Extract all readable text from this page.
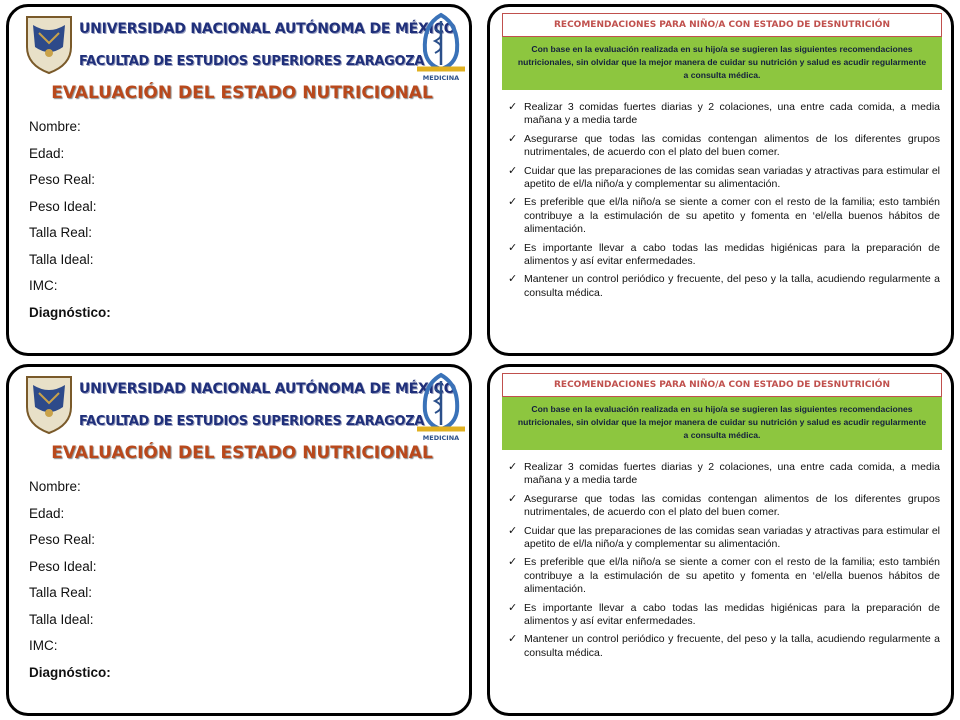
UNIVERSIDAD NACIONAL AUTÓNOMA DE MÉXICO
FACULTAD DE ESTUDIOS SUPERIORES ZARAGOZA
MEDICINA
EVALUACIÓN DEL ESTADO NUTRICIONAL
Nombre:
Edad:
Peso Real:
Peso Ideal:
Talla Real:
Talla Ideal:
IMC:
Diagnóstico:
RECOMENDACIONES PARA NIÑO/A CON ESTADO DE DESNUTRICIÓN
Con base en la evaluación realizada en su hijo/a se sugieren las siguientes recomendaciones nutricionales, sin olvidar que la mejor manera de cuidar su nutrición y salud es acudir regularmente a consulta médica.
✓ Realizar 3 comidas fuertes diarias y 2 colaciones, una entre cada comida, a media mañana y a media tarde
✓ Asegurarse que todas las comidas contengan alimentos de los diferentes grupos nutrimentales, de acuerdo con el plato del buen comer.
✓ Cuidar que las preparaciones de las comidas sean variadas y atractivas para estimular el apetito de el/la niño/a y complementar su alimentación.
✓ Es preferible que el/la niño/a se siente a comer con el resto de la familia; esto también contribuye a la estimulación de su apetito y fomenta en ‘el/ella buenos hábitos de alimentación.
✓ Es importante llevar a cabo todas las medidas higiénicas para la preparación de alimentos y así evitar enfermedades.
✓ Mantener un control periódico y frecuente, del peso y la talla, acudiendo regularmente a consulta médica.
UNIVERSIDAD NACIONAL AUTÓNOMA DE MÉXICO
FACULTAD DE ESTUDIOS SUPERIORES ZARAGOZA
MEDICINA
EVALUACIÓN DEL ESTADO NUTRICIONAL
Nombre:
Edad:
Peso Real:
Peso Ideal:
Talla Real:
Talla Ideal:
IMC:
Diagnóstico:
RECOMENDACIONES PARA NIÑO/A CON ESTADO DE DESNUTRICIÓN
Con base en la evaluación realizada en su hijo/a se sugieren las siguientes recomendaciones nutricionales, sin olvidar que la mejor manera de cuidar su nutrición y salud es acudir regularmente a consulta médica.
✓ Realizar 3 comidas fuertes diarias y 2 colaciones, una entre cada comida, a media mañana y a media tarde
✓ Asegurarse que todas las comidas contengan alimentos de los diferentes grupos nutrimentales, de acuerdo con el plato del buen comer.
✓ Cuidar que las preparaciones de las comidas sean variadas y atractivas para estimular el apetito de el/la niño/a y complementar su alimentación.
✓ Es preferible que el/la niño/a se siente a comer con el resto de la familia; esto también contribuye a la estimulación de su apetito y fomenta en ‘el/ella buenos hábitos de alimentación.
✓ Es importante llevar a cabo todas las medidas higiénicas para la preparación de alimentos y así evitar enfermedades.
✓ Mantener un control periódico y frecuente, del peso y la talla, acudiendo regularmente a consulta médica.
